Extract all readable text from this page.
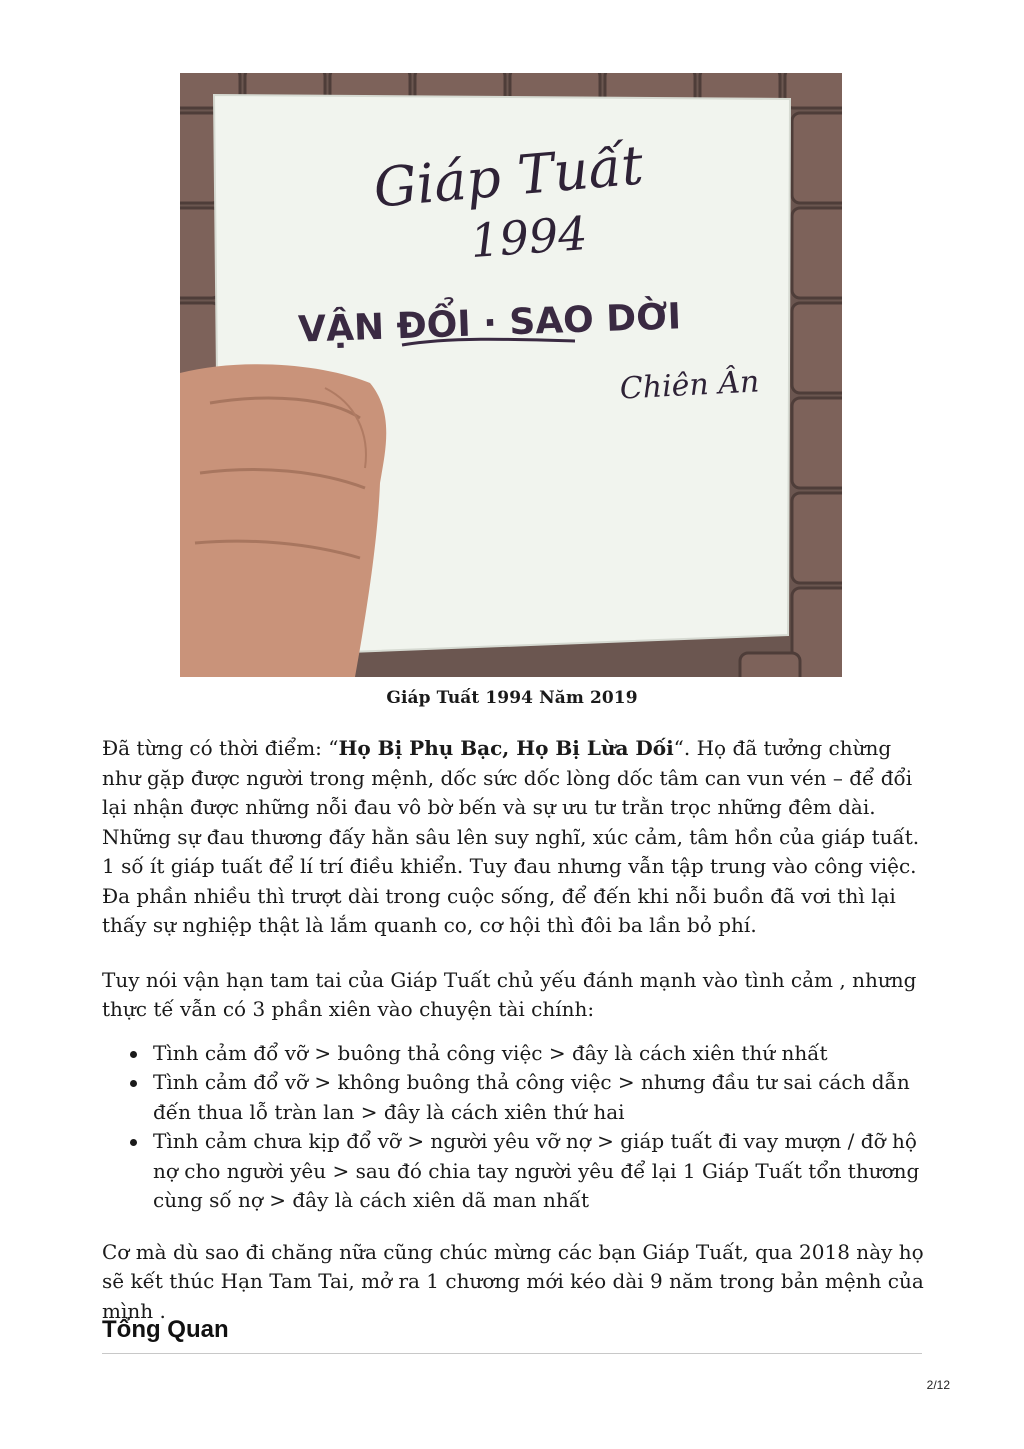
Giáp Tuất
1994
VẬN ĐỔI · SAO DỜI
Chiên Ân
Giáp Tuất 1994 Năm 2019

Đã từng có thời điểm: “Họ Bị Phụ Bạc, Họ Bị Lừa Dối“. Họ đã tưởng chừng như gặp được người trong mệnh, dốc sức dốc lòng dốc tâm can vun vén – để đổi lại nhận được những nỗi đau vô bờ bến và sự ưu tư trằn trọc những đêm dài. Những sự đau thương đấy hằn sâu lên suy nghĩ, xúc cảm, tâm hồn của giáp tuất. 1 số ít giáp tuất để lí trí điều khiển. Tuy đau nhưng vẫn tập trung vào công việc. Đa phần nhiều thì trượt dài trong cuộc sống, để đến khi nỗi buồn đã vơi thì lại thấy sự nghiệp thật là lắm quanh co, cơ hội thì đôi ba lần bỏ phí.

Tuy nói vận hạn tam tai của Giáp Tuất chủ yếu đánh mạnh vào tình cảm , nhưng thực tế vẫn có 3 phần xiên vào chuyện tài chính:

Tình cảm đổ vỡ > buông thả công việc > đây là cách xiên thứ nhất
Tình cảm đổ vỡ > không buông thả công việc > nhưng đầu tư sai cách dẫn đến thua lỗ tràn lan > đây là cách xiên thứ hai
Tình cảm chưa kịp đổ vỡ > người yêu vỡ nợ > giáp tuất đi vay mượn / đỡ hộ nợ cho người yêu > sau đó chia tay người yêu để lại 1 Giáp Tuất tổn thương cùng số nợ > đây là cách xiên dã man nhất

Cơ mà dù sao đi chăng nữa cũng chúc mừng các bạn Giáp Tuất, qua 2018 này họ sẽ kết thúc Hạn Tam Tai, mở ra 1 chương mới kéo dài 9 năm trong bản mệnh của mình .

Tổng Quan
2/12
